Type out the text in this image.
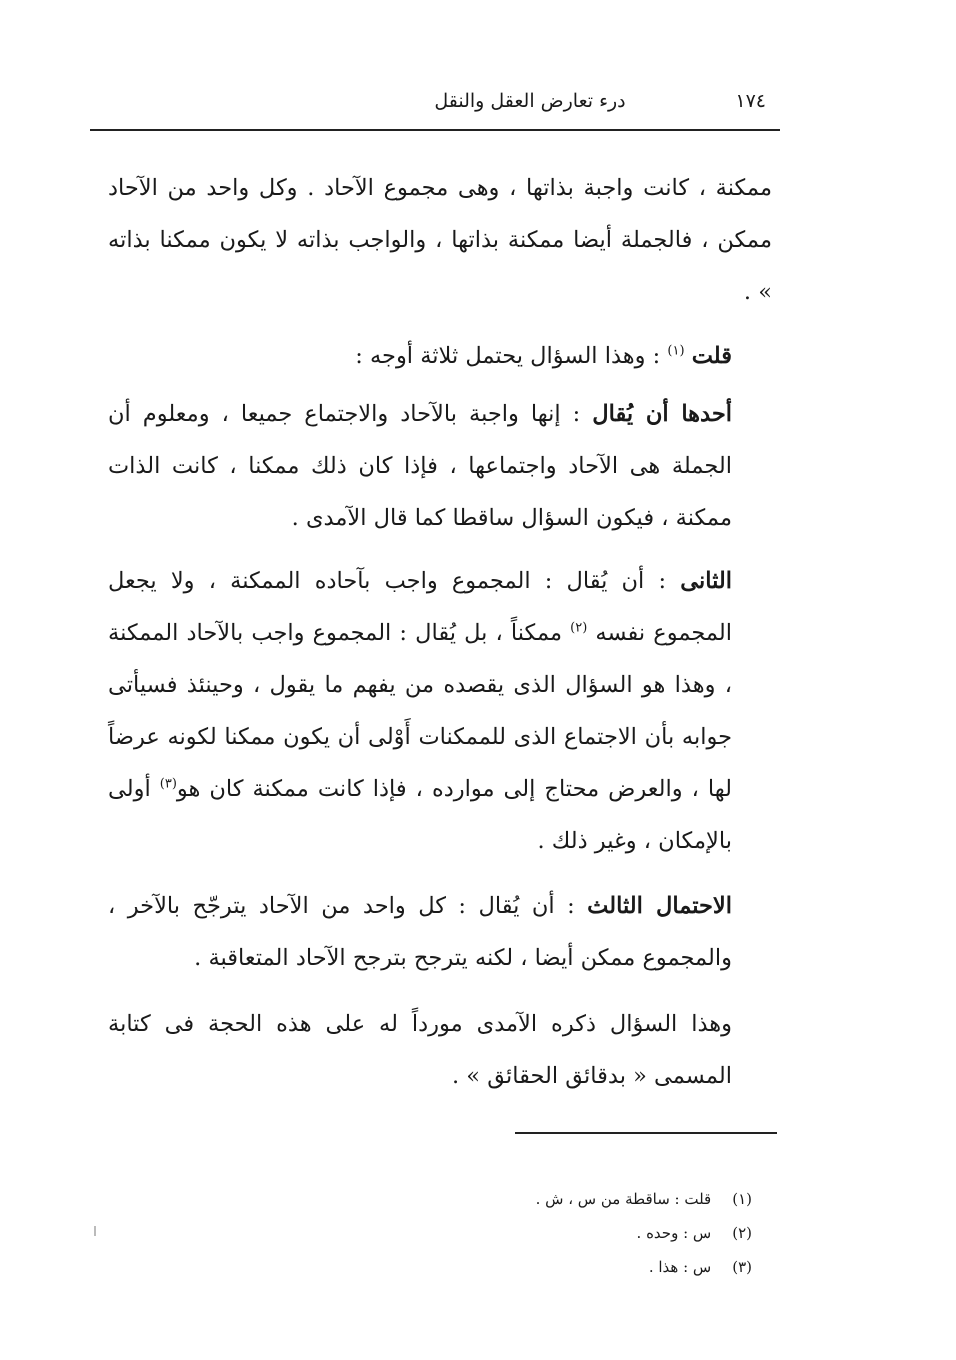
١٧٤
درء تعارض العقل والنقل

ممكنة ، كانت واجبة بذاتها ، وهى مجموع الآحاد . وكل واحد من الآحاد ممكن ، فالجملة أيضا ممكنة بذاتها ، والواجب بذاته لا يكون ممكنا بذاته » .

قلت $^{(١)}$ : وهذا السؤال يحتمل ثلاثة أوجه :

أحدها أن يُقال : إنها واجبة بالآحاد والاجتماع جميعا ، ومعلوم أن الجملة هى الآحاد واجتماعها ، فإذا كان ذلك ممكنا ، كانت الذات ممكنة ، فيكون السؤال ساقطا كما قال الآمدى .

الثانى : أن يُقال : المجموع واجب بآحاده الممكنة ، ولا يجعل المجموع نفسه $^{(٢)}$ ممكناً ، بل يُقال : المجموع واجب بالآحاد الممكنة ، وهذا هو السؤال الذى يقصده من يفهم ما يقول ، وحينئذ فسيأتى جوابه بأن الاجتماع الذى للممكنات أَوْلى أن يكون ممكنا لكونه عرضاً لها ، والعرض محتاج إلى موارده ، فإذا كانت ممكنة كان هو$^{(٣)}$ أولى بالإمكان ، وغير ذلك .

الاحتمال الثالث : أن يُقال : كل واحد من الآحاد يترجّح بالآخر ، والمجموع ممكن أيضا ، لكنه يترجح بترجح الآحاد المتعاقبة .

وهذا السؤال ذكره الآمدى مورداً له على هذه الحجة فى كتابة المسمى « بدقائق الحقائق » .

(١) قلت : ساقطة من س ، ش .
(٢) س : وحده .
(٣) س : هذا .
